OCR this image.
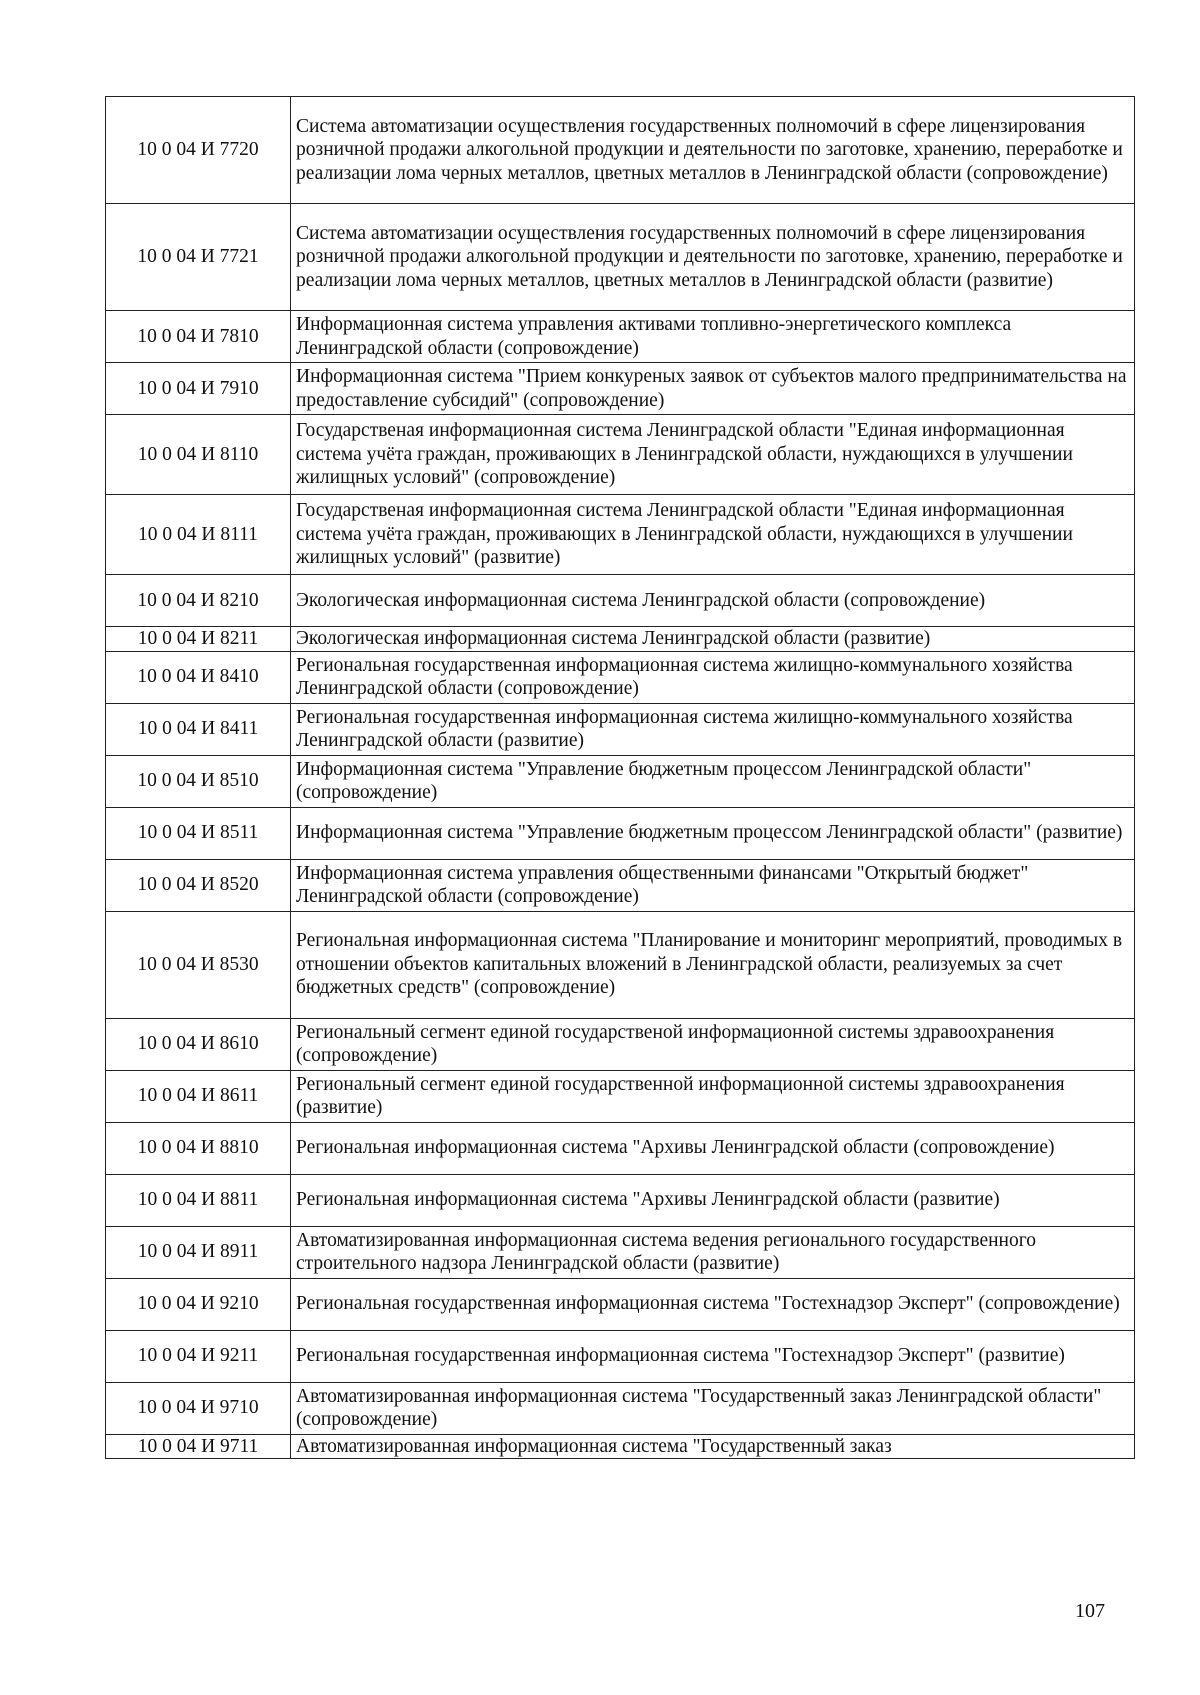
10 0 04 И 7720	Система автоматизации осуществления государственных полномочий в сфере лицензирования розничной продажи алкогольной продукции и деятельности по заготовке, хранению, переработке и реализации лома черных металлов, цветных металлов в Ленинградской области (сопровождение)
10 0 04 И 7721	Система автоматизации осуществления государственных полномочий в сфере лицензирования розничной продажи алкогольной продукции и деятельности по заготовке, хранению, переработке и реализации лома черных металлов, цветных металлов в Ленинградской области (развитие)
10 0 04 И 7810	Информационная система управления активами топливно-энергетического комплекса Ленинградской области (сопровождение)
10 0 04 И 7910	Информационная система "Прием конкуреных заявок от субъектов малого предпринимательства на предоставление субсидий" (сопровождение)
10 0 04 И 8110	Государственая информационная система Ленинградской области "Единая информационная система учёта граждан, проживающих в Ленинградской области, нуждающихся в улучшении жилищных условий" (сопровождение)
10 0 04 И 8111	Государственая информационная система Ленинградской области "Единая информационная система учёта граждан, проживающих в Ленинградской области, нуждающихся в улучшении жилищных условий" (развитие)
10 0 04 И 8210	Экологическая информационная система Ленинградской области (сопровождение)
10 0 04 И 8211	Экологическая информационная система Ленинградской области (развитие)
10 0 04 И 8410	Региональная государственная информационная система жилищно-коммунального хозяйства Ленинградской области (сопровождение)
10 0 04 И 8411	Региональная государственная информационная система жилищно-коммунального хозяйства Ленинградской области (развитие)
10 0 04 И 8510	Информационная система "Управление бюджетным процессом Ленинградской области" (сопровождение)
10 0 04 И 8511	Информационная система "Управление бюджетным процессом Ленинградской области" (развитие)
10 0 04 И 8520	Информационная система управления общественными финансами "Открытый бюджет" Ленинградской области (сопровождение)
10 0 04 И 8530	Региональная информационная система "Планирование и мониторинг мероприятий, проводимых в отношении объектов капитальных вложений в Ленинградской области, реализуемых за счет бюджетных средств" (сопровождение)
10 0 04 И 8610	Региональный сегмент единой государственой информационной системы здравоохранения (сопровождение)
10 0 04 И 8611	Региональный сегмент единой государственной информационной системы здравоохранения (развитие)
10 0 04 И 8810	Региональная информационная система "Архивы Ленинградской области (сопровождение)
10 0 04 И 8811	Региональная информационная система "Архивы Ленинградской области (развитие)
10 0 04 И 8911	Автоматизированная информационная система ведения регионального государственного строительного надзора Ленинградской области (развитие)
10 0 04 И 9210	Региональная государственная информационная система "Гостехнадзор Эксперт" (сопровождение)
10 0 04 И 9211	Региональная государственная информационная система "Гостехнадзор Эксперт" (развитие)
10 0 04 И 9710	Автоматизированная информационная система "Государственный заказ Ленинградской области" (сопровождение)
10 0 04 И 9711	Автоматизированная информационная система "Государственный заказ
107
